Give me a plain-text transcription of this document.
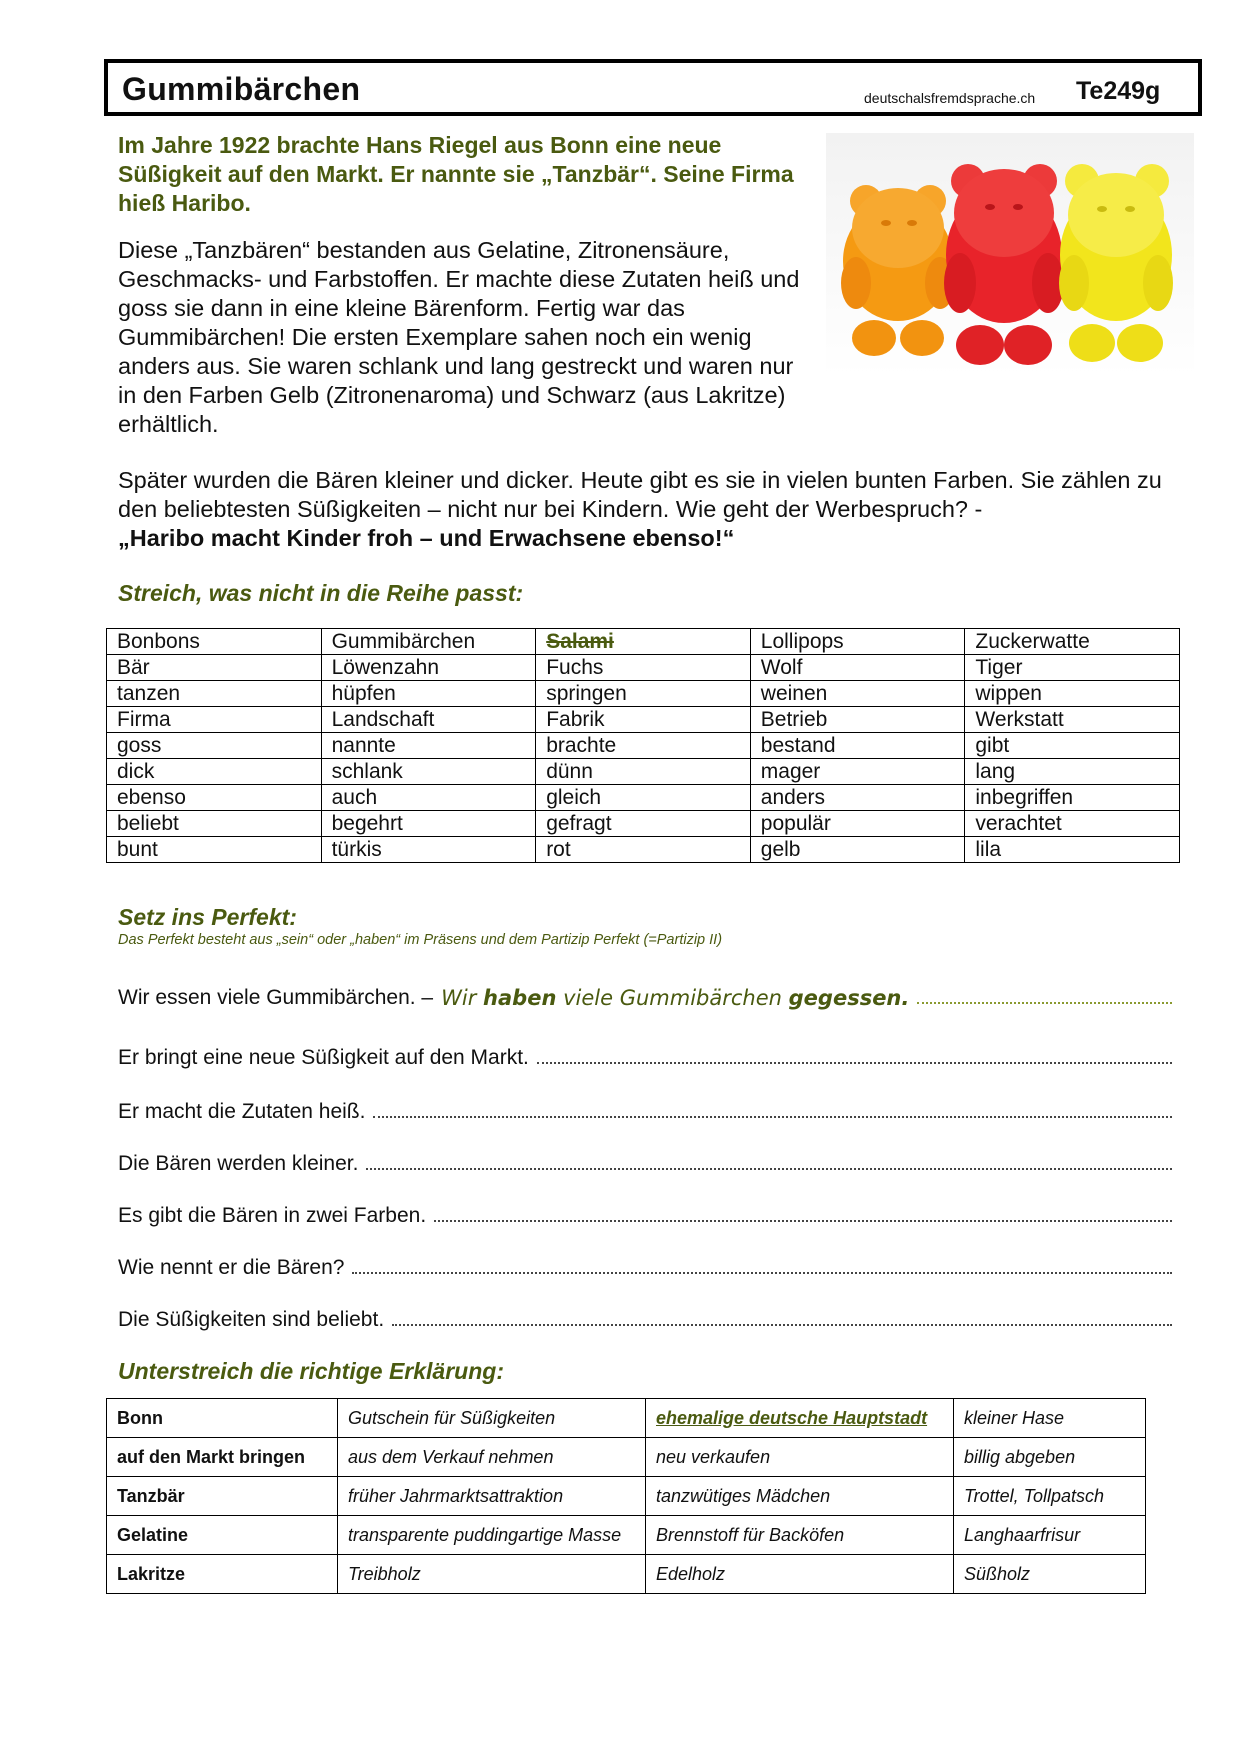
Gummibärchen	deutschalsfremdsprache.ch Te249g
Im Jahre 1922 brachte Hans Riegel aus Bonn eine neue Süßigkeit auf den Markt. Er nannte sie „Tanzbär“. Seine Firma hieß Haribo.
Diese „Tanzbären“ bestanden aus Gelatine, Zitronensäure, Geschmacks- und Farbstoffen. Er machte diese Zutaten heiß und goss sie dann in eine kleine Bärenform. Fertig war das Gummibärchen! Die ersten Exemplare sahen noch ein wenig anders aus. Sie waren schlank und lang gestreckt und waren nur in den Farben Gelb (Zitronenaroma) und Schwarz (aus Lakritze) erhältlich.
Später wurden die Bären kleiner und dicker. Heute gibt es sie in vielen bunten Farben. Sie zählen zu den beliebtesten Süßigkeiten – nicht nur bei Kindern. Wie geht der Werbespruch? -
„Haribo macht Kinder froh – und Erwachsene ebenso!“
Streich, was nicht in die Reihe passt:
Bonbons	Gummibärchen	Salami	Lollipops	Zuckerwatte
Bär	Löwenzahn	Fuchs	Wolf	Tiger
tanzen	hüpfen	springen	weinen	wippen
Firma	Landschaft	Fabrik	Betrieb	Werkstatt
goss	nannte	brachte	bestand	gibt
dick	schlank	dünn	mager	lang
ebenso	auch	gleich	anders	inbegriffen
beliebt	begehrt	gefragt	populär	verachtet
bunt	türkis	rot	gelb	lila
Setz ins Perfekt:
Das Perfekt besteht aus „sein“ oder „haben“ im Präsens und dem Partizip Perfekt (=Partizip II)
Wir essen viele Gummibärchen. – Wir haben viele Gummibärchen gegessen.
Er bringt eine neue Süßigkeit auf den Markt.
Er macht die Zutaten heiß.
Die Bären werden kleiner.
Es gibt die Bären in zwei Farben.
Wie nennt er die Bären?
Die Süßigkeiten sind beliebt.
Unterstreich die richtige Erklärung:
Bonn	Gutschein für Süßigkeiten	ehemalige deutsche Hauptstadt	kleiner Hase
auf den Markt bringen	aus dem Verkauf nehmen	neu verkaufen	billig abgeben
Tanzbär	früher Jahrmarktsattraktion	tanzwütiges Mädchen	Trottel, Tollpatsch
Gelatine	transparente puddingartige Masse	Brennstoff für Backöfen	Langhaarfrisur
Lakritze	Treibholz	Edelholz	Süßholz
